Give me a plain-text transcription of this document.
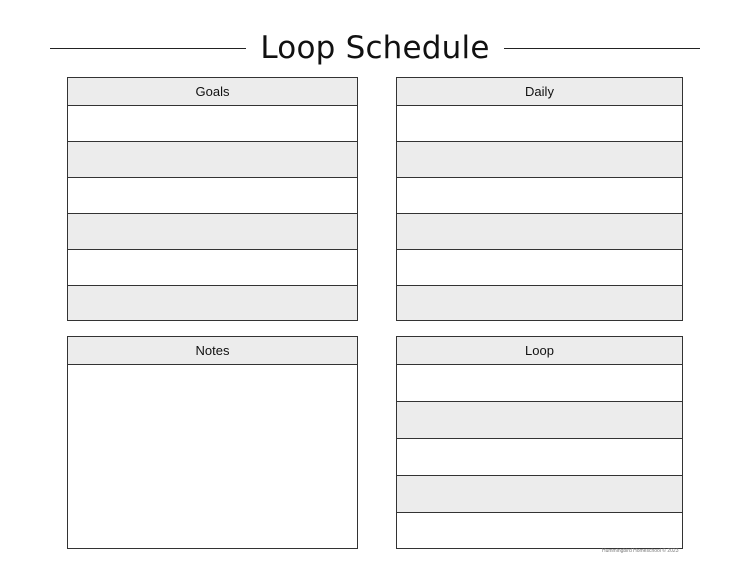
Loop Schedule
Goals	Daily
Notes	Loop
Hummingbird Homeschool © 2023
